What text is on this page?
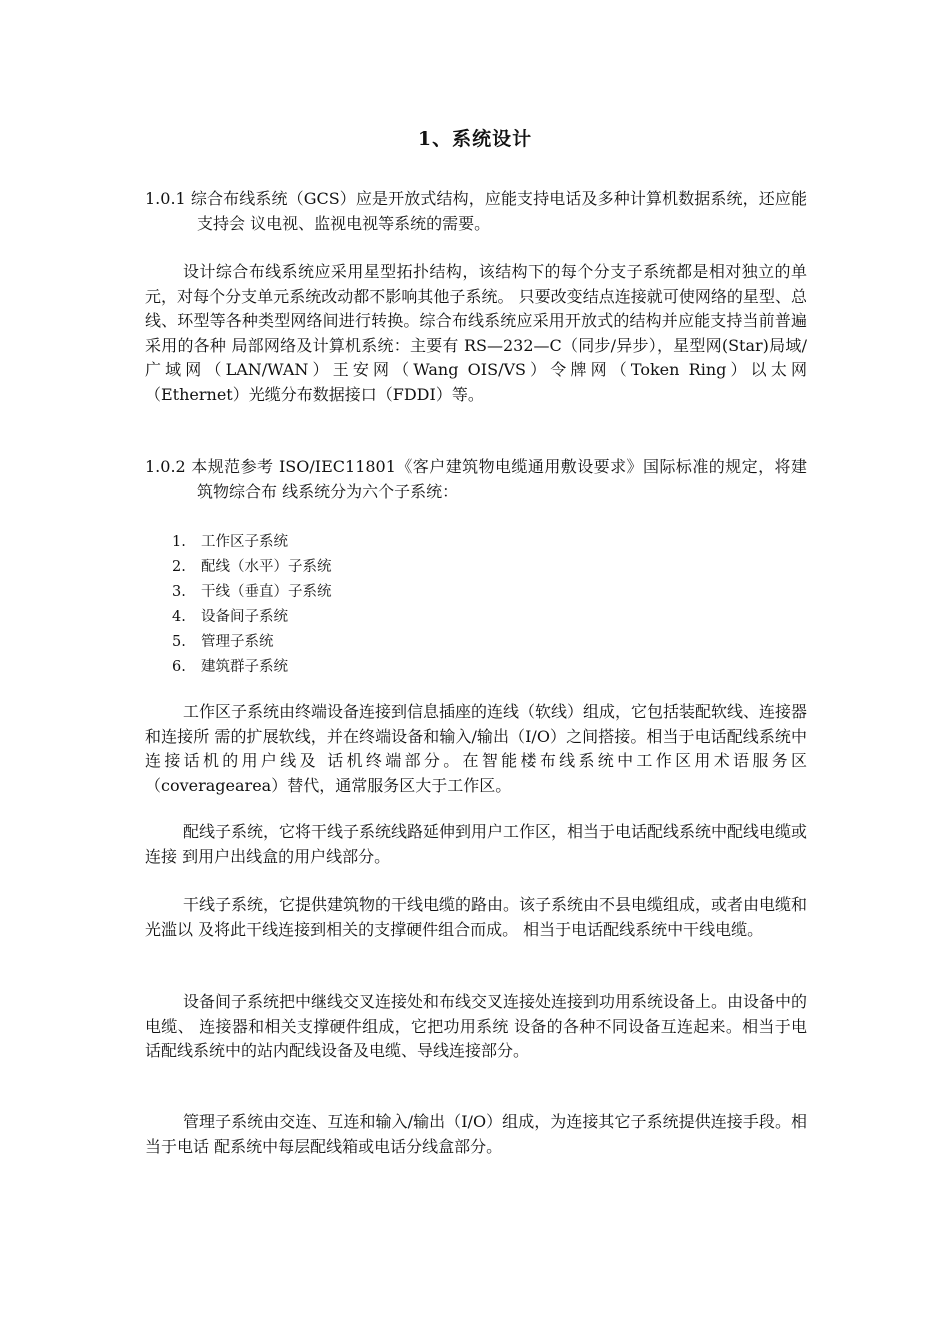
1、系统设计

1.0.1 综合布线系统（GCS）应是开放式结构，应能支持电话及多种计算机数据系统，还应能支持会 议电视、监视电视等系统的需要。

设计综合布线系统应采用星型拓扑结构，该结构下的每个分支子系统都是相对独立的单元，对每个分支单元系统改动都不影响其他子系统。 只要改变结点连接就可使网络的星型、总线、环型等各种类型网络间进行转换。综合布线系统应采用开放式的结构并应能支持当前普遍采用的各种 局部网络及计算机系统：主要有 RS—232—C（同步/异步），星型网(Star)局域/广域网（LAN/WAN）王安网（Wang OIS/VS）令牌网（Token Ring）以太网（Ethernet）光缆分布数据接口（FDDI）等。

1.0.2 本规范参考 ISO/IEC11801《客户建筑物电缆通用敷设要求》国际标准的规定，将建筑物综合布 线系统分为六个子系统：

1.	工作区子系统
2.	配线（水平）子系统
3.	干线（垂直）子系统
4.	设备间子系统
5.	管理子系统
6.	建筑群子系统

工作区子系统由终端设备连接到信息插座的连线（软线）组成，它包括装配软线、连接器和连接所 需的扩展软线，并在终端设备和输入/输出（I/O）之间搭接。相当于电话配线系统中连接话机的用户线及 话机终端部分。在智能楼布线系统中工作区用术语服务区（coveragearea）替代，通常服务区大于工作区。

配线子系统，它将干线子系统线路延伸到用户工作区，相当于电话配线系统中配线电缆或连接 到用户出线盒的用户线部分。

干线子系统，它提供建筑物的干线电缆的路由。该子系统由不县电缆组成，或者由电缆和光滥以 及将此干线连接到相关的支撑硬件组合而成。 相当于电话配线系统中干线电缆。

设备间子系统把中继线交叉连接处和布线交叉连接处连接到功用系统设备上。由设备中的电缆、 连接器和相关支撑硬件组成，它把功用系统 设备的各种不同设备互连起来。相当于电话配线系统中的站内配线设备及电缆、导线连接部分。

管理子系统由交连、互连和输入/输出（I/O）组成，为连接其它子系统提供连接手段。相当于电话 配系统中每层配线箱或电话分线盒部分。
